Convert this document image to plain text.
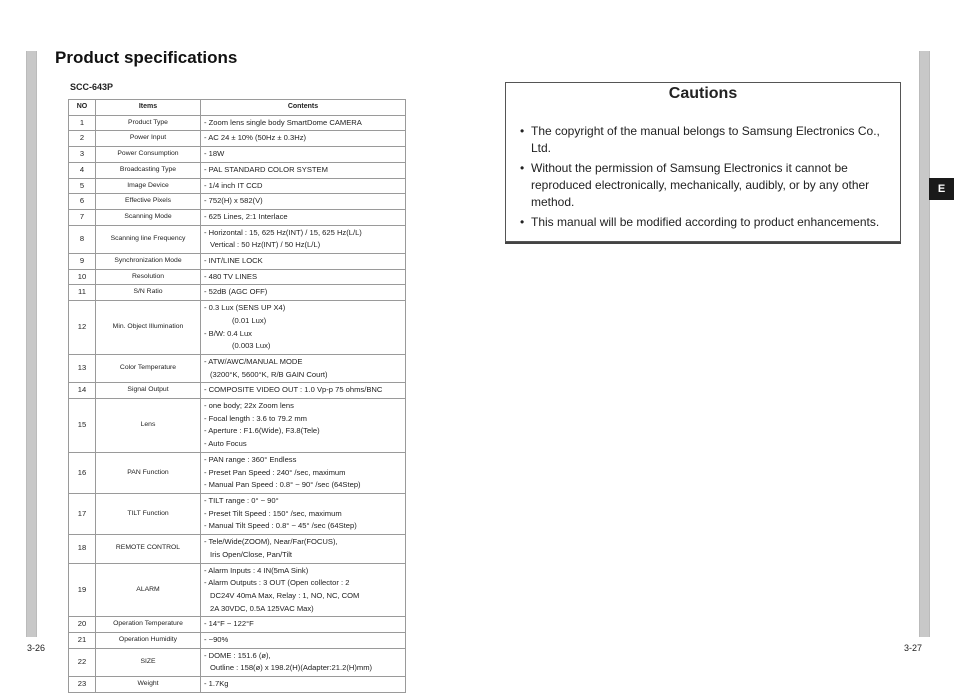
E
Product specifications
SCC-643P
NO	Items	Contents
1	Product Type	- Zoom lens single body SmartDome CAMERA

2	Power Input	- AC 24 ± 10% (50Hz ± 0.3Hz)

3	Power Consumption	- 18W

4	Broadcasting Type	- PAL STANDARD COLOR SYSTEM

5	Image Device	- 1/4 inch IT CCD

6	Effective Pixels	- 752(H) x 582(V)

7	Scanning Mode	- 625 Lines, 2:1 Interlace

8	Scanning line Frequency	- Horizontal : 15, 625 Hz(INT) / 15, 625 Hz(L/L)
Vertical : 50 Hz(INT) / 50 Hz(L/L)

9	Synchronization Mode	- INT/LINE LOCK

10	Resolution	- 480 TV LINES

11	S/N Ratio	- 52dB (AGC OFF)

12	Min. Object Illumination	- 0.3 Lux (SENS UP X4)
(0.01 Lux)
- B/W: 0.4 Lux
(0.003 Lux)

13	Color Temperature	- ATW/AWC/MANUAL MODE
(3200°K, 5600°K, R/B GAIN Court)

14	Signal Output	- COMPOSITE VIDEO OUT : 1.0 Vp-p 75 ohms/BNC

15	Lens	- one body; 22x Zoom lens
- Focal length : 3.6 to 79.2 mm
- Aperture : F1.6(Wide), F3.8(Tele)
- Auto Focus

16	PAN Function	- PAN range : 360° Endless
- Preset Pan Speed : 240° /sec, maximum
- Manual Pan Speed : 0.8° ~ 90° /sec (64Step)

17	TILT Function	- TILT range : 0° ~ 90°
- Preset Tilt Speed : 150° /sec, maximum
- Manual Tilt Speed : 0.8° ~ 45° /sec (64Step)

18	REMOTE CONTROL	- Tele/Wide(ZOOM), Near/Far(FOCUS),
Iris Open/Close, Pan/Tilt

19	ALARM	- Alarm Inputs : 4 IN(5mA Sink)
- Alarm Outputs : 3 OUT (Open collector : 2
DC24V 40mA Max, Relay : 1, NO, NC, COM
2A 30VDC, 0.5A 125VAC Max)

20	Operation Temperature	- 14°F ~ 122°F

21	Operation Humidity	- ~90%

22	SIZE	- DOME : 151.6 (ø),
Outline : 158(ø) x 198.2(H)(Adapter:21.2(H)mm)

23	Weight	- 1.7Kg
3-26	3-27
Cautions
• The copyright of the manual belongs to Samsung Electronics Co., Ltd.
• Without the permission of Samsung Electronics it cannot be reproduced electronically, mechanically, audibly, or by any other method.
• This manual will be modified according to product enhancements.
